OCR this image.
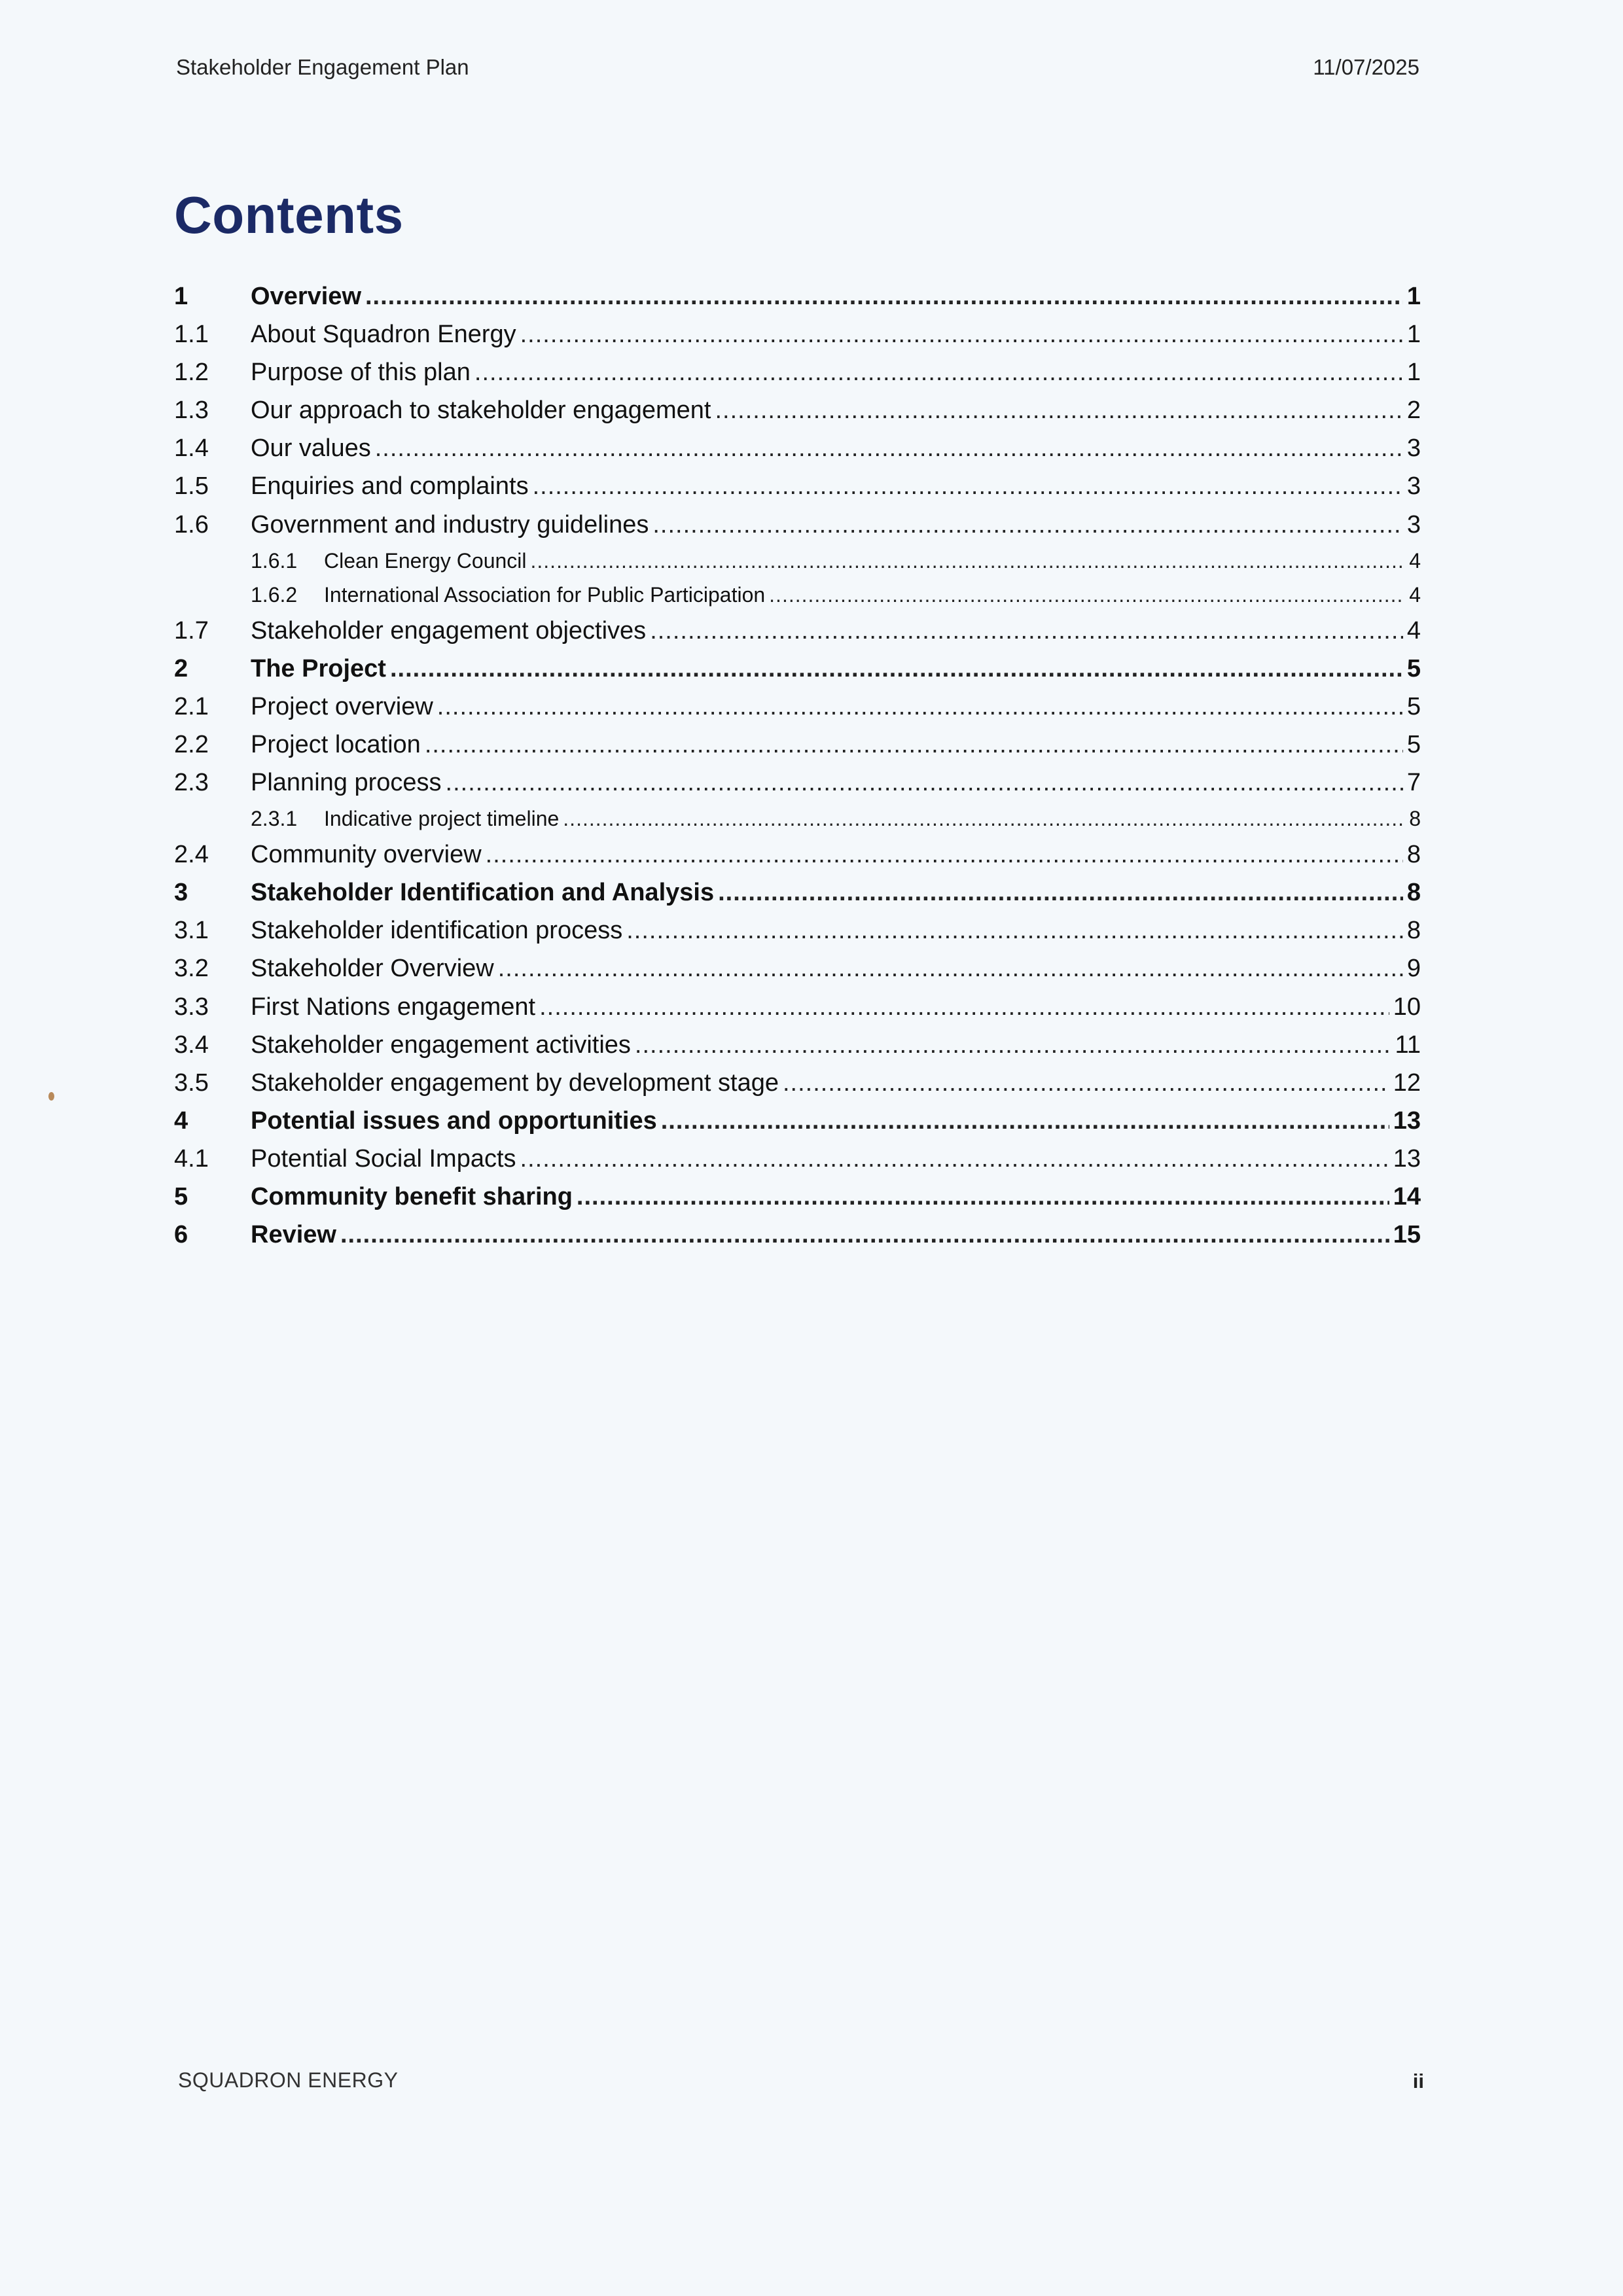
Stakeholder Engagement Plan	11/07/2025
Contents
1	Overview .....	1
1.1	About Squadron Energy .....	1
1.2	Purpose of this plan .....	1
1.3	Our approach to stakeholder engagement .....	2
1.4	Our values .....	3
1.5	Enquiries and complaints .....	3
1.6	Government and industry guidelines .....	3
1.6.1	Clean Energy Council .....	4
1.6.2	International Association for Public Participation .....	4
1.7	Stakeholder engagement objectives .....	4
2	The Project .....	5
2.1	Project overview .....	5
2.2	Project location .....	5
2.3	Planning process .....	7
2.3.1	Indicative project timeline .....	8
2.4	Community overview .....	8
3	Stakeholder Identification and Analysis .....	8
3.1	Stakeholder identification process .....	8
3.2	Stakeholder Overview .....	9
3.3	First Nations engagement .....	10
3.4	Stakeholder engagement activities .....	11
3.5	Stakeholder engagement by development stage .....	12
4	Potential issues and opportunities .....	13
4.1	Potential Social Impacts .....	13
5	Community benefit sharing .....	14
6	Review .....	15
SQUADRON ENERGY	ii
